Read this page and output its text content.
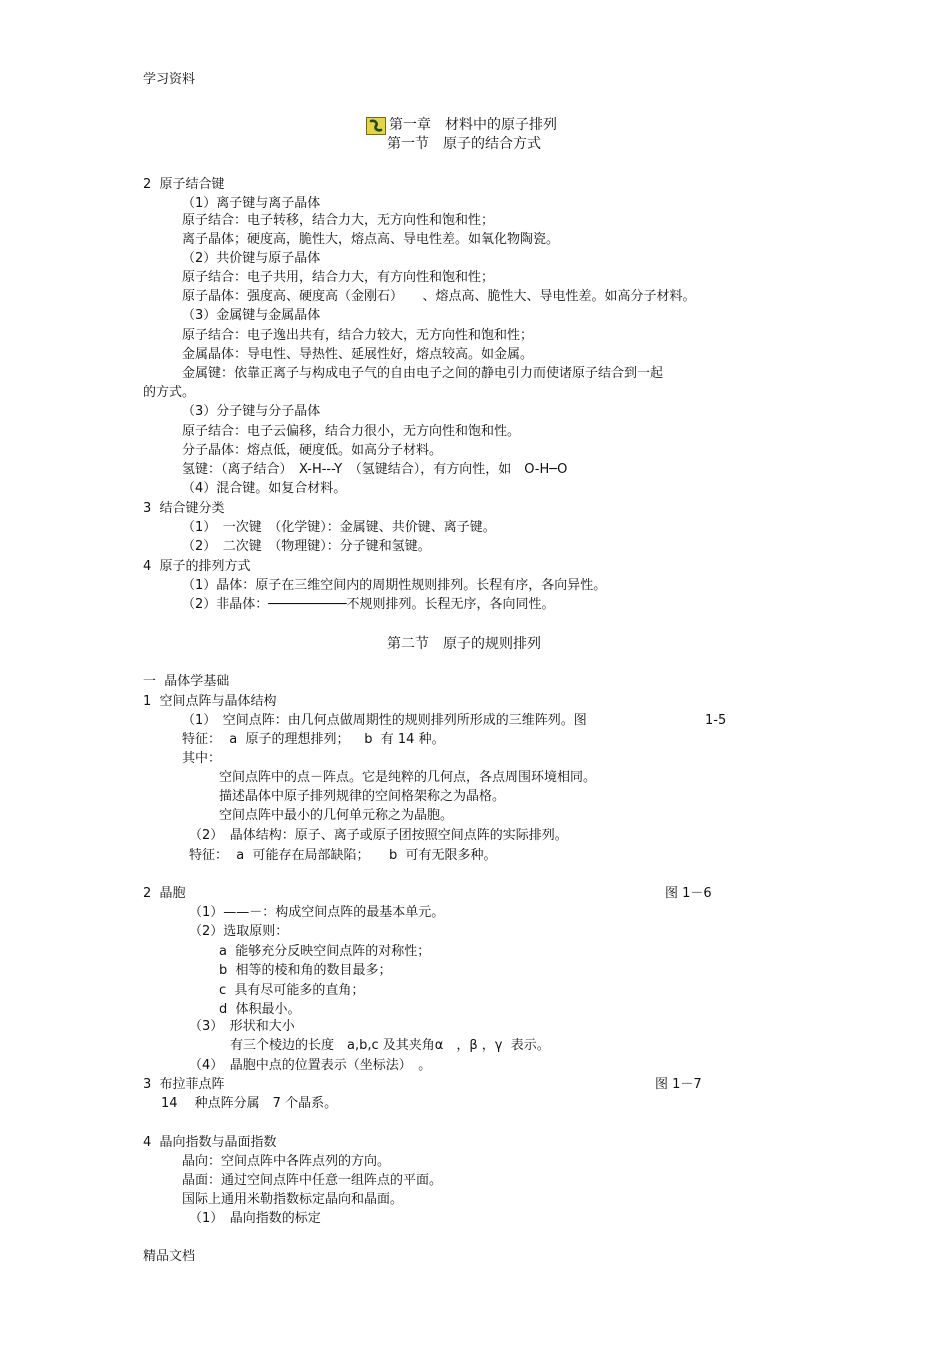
学习资料
第一章　材料中的原子排列
第一节　原子的结合方式
2  原子结合键
（1）离子键与离子晶体
原子结合：电子转移，结合力大，无方向性和饱和性；
离子晶体；硬度高，脆性大，熔点高、导电性差。如氧化物陶瓷。
（2）共价键与原子晶体
原子结合：电子共用，结合力大，有方向性和饱和性；
原子晶体：强度高、硬度高（金刚石）　　、熔点高、脆性大、导电性差。如高分子材料。
（3）金属键与金属晶体
原子结合：电子逸出共有，结合力较大，无方向性和饱和性；
金属晶体：导电性、导热性、延展性好，熔点较高。如金属。
金属键：依靠正离子与构成电子气的自由电子之间的静电引力而使诸原子结合到一起
的方式。
（3）分子键与分子晶体
原子结合：电子云偏移，结合力很小，无方向性和饱和性。
分子晶体：熔点低，硬度低。如高分子材料。
氢键：（离子结合）　X-H---Y　（氢键结合），有方向性，如　O-H─O
（4）混合键。如复合材料。
3  结合键分类
（1）　一次键　（化学键）：金属键、共价键、离子键。
（2）　二次键　（物理键）：分子键和氢键。
4  原子的排列方式
（1）晶体：原子在三维空间内的周期性规则排列。长程有序，各向异性。
（2）非晶体：──────────不规则排列。长程无序，各向同性。
第二节　原子的规则排列
一  晶体学基础
1  空间点阵与晶体结构
（1）　空间点阵：由几何点做周期性的规则排列所形成的三维阵列。图	1-5
特征：  a  原子的理想排列；　  b  有 14 种。
其中：
空间点阵中的点－阵点。它是纯粹的几何点，各点周围环境相同。
描述晶体中原子排列规律的空间格架称之为晶格。
空间点阵中最小的几何单元称之为晶胞。
（2）　晶体结构：原子、离子或原子团按照空间点阵的实际排列。
特征：  a  可能存在局部缺陷；　　b  可有无限多种。
2  晶胞	图 1－6
（1）——－：构成空间点阵的最基本单元。
（2）选取原则：
a  能够充分反映空间点阵的对称性；
b  相等的棱和角的数目最多；
c  具有尽可能多的直角；
d  体积最小。
（3）　形状和大小
有三个棱边的长度　a,b,c 及其夹角α　，β ，γ  表示。
（4）　晶胞中点的位置表示（坐标法）　。
3  布拉菲点阵	图 1－7
14　 种点阵分属　7 个晶系。
4  晶向指数与晶面指数
晶向：空间点阵中各阵点列的方向。
晶面：通过空间点阵中任意一组阵点的平面。
国际上通用米勒指数标定晶向和晶面。
（1）　晶向指数的标定
精品文档
